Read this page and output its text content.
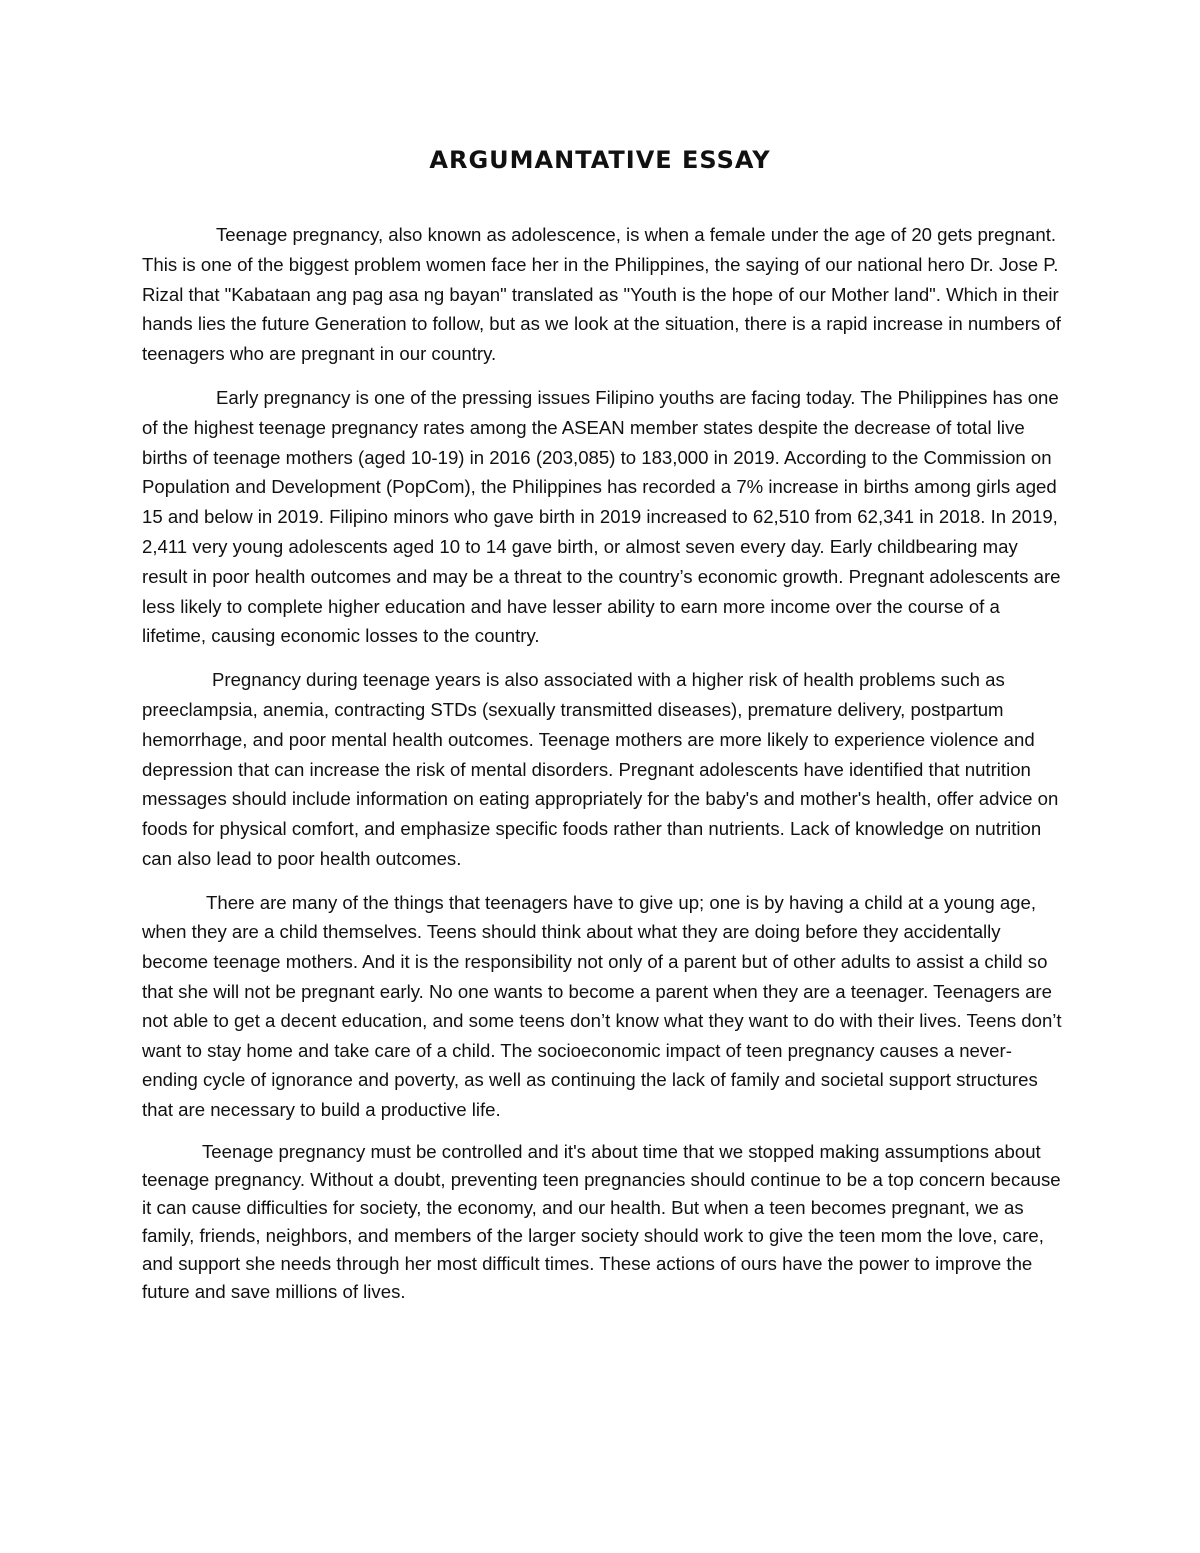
ARGUMANTATIVE ESSAY

Teenage pregnancy, also known as adolescence, is when a female under the age of 20 gets pregnant. This is one of the biggest problem women face her in the Philippines, the saying of our national hero Dr. Jose P. Rizal that "Kabataan ang pag asa ng bayan" translated as "Youth is the hope of our Mother land". Which in their hands lies the future Generation to follow, but as we look at the situation, there is a rapid increase in numbers of teenagers who are pregnant in our country.

Early pregnancy is one of the pressing issues Filipino youths are facing today. The Philippines has one of the highest teenage pregnancy rates among the ASEAN member states despite the decrease of total live births of teenage mothers (aged 10-19) in 2016 (203,085) to 183,000 in 2019. According to the Commission on Population and Development (PopCom), the Philippines has recorded a 7% increase in births among girls aged 15 and below in 2019. Filipino minors who gave birth in 2019 increased to 62,510 from 62,341 in 2018. In 2019, 2,411 very young adolescents aged 10 to 14 gave birth, or almost seven every day. Early childbearing may result in poor health outcomes and may be a threat to the country’s economic growth. Pregnant adolescents are less likely to complete higher education and have lesser ability to earn more income over the course of a lifetime, causing economic losses to the country.

Pregnancy during teenage years is also associated with a higher risk of health problems such as preeclampsia, anemia, contracting STDs (sexually transmitted diseases), premature delivery, postpartum hemorrhage, and poor mental health outcomes. Teenage mothers are more likely to experience violence and depression that can increase the risk of mental disorders. Pregnant adolescents have identified that nutrition messages should include information on eating appropriately for the baby's and mother's health, offer advice on foods for physical comfort, and emphasize specific foods rather than nutrients. Lack of knowledge on nutrition can also lead to poor health outcomes.

There are many of the things that teenagers have to give up; one is by having a child at a young age, when they are a child themselves. Teens should think about what they are doing before they accidentally become teenage mothers. And it is the responsibility not only of a parent but of other adults to assist a child so that she will not be pregnant early. No one wants to become a parent when they are a teenager. Teenagers are not able to get a decent education, and some teens don’t know what they want to do with their lives. Teens don’t want to stay home and take care of a child. The socioeconomic impact of teen pregnancy causes a never-ending cycle of ignorance and poverty, as well as continuing the lack of family and societal support structures that are necessary to build a productive life.

Teenage pregnancy must be controlled and it's about time that we stopped making assumptions about teenage pregnancy. Without a doubt, preventing teen pregnancies should continue to be a top concern because it can cause difficulties for society, the economy, and our health. But when a teen becomes pregnant, we as family, friends, neighbors, and members of the larger society should work to give the teen mom the love, care, and support she needs through her most difficult times. These actions of ours have the power to improve the future and save millions of lives.
